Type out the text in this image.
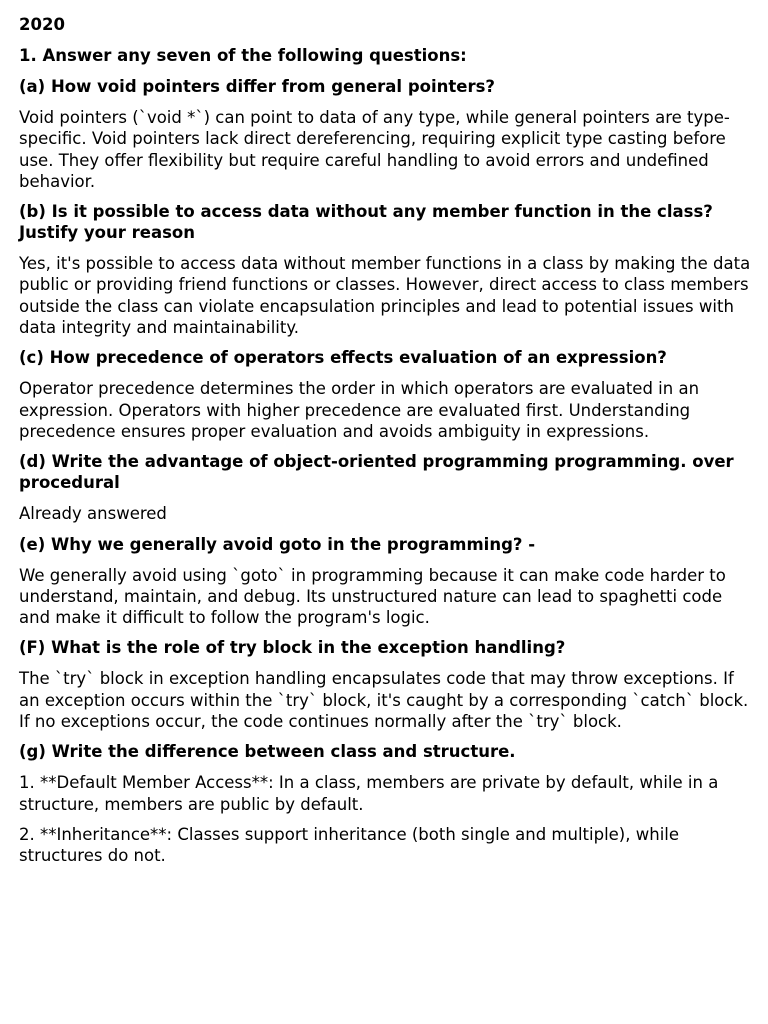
2020
1. Answer any seven of the following questions:
(a) How void pointers differ from general pointers?
Void pointers (`void *`) can point to data of any type, while general pointers are type-specific. Void pointers lack direct dereferencing, requiring explicit type casting before use. They offer flexibility but require careful handling to avoid errors and undefined behavior.
(b) Is it possible to access data without any member function in the class? Justify your reason
Yes, it's possible to access data without member functions in a class by making the data public or providing friend functions or classes. However, direct access to class members outside the class can violate encapsulation principles and lead to potential issues with data integrity and maintainability.
(c) How precedence of operators effects evaluation of an expression?
Operator precedence determines the order in which operators are evaluated in an expression. Operators with higher precedence are evaluated first. Understanding precedence ensures proper evaluation and avoids ambiguity in expressions.
(d) Write the advantage of object-oriented programming programming. over procedural
Already answered
(e) Why we generally avoid goto in the programming? -
We generally avoid using `goto` in programming because it can make code harder to understand, maintain, and debug. Its unstructured nature can lead to spaghetti code and make it difficult to follow the program's logic.
(F) What is the role of try block in the exception handling?
The `try` block in exception handling encapsulates code that may throw exceptions. If an exception occurs within the `try` block, it's caught by a corresponding `catch` block. If no exceptions occur, the code continues normally after the `try` block.
(g) Write the difference between class and structure.
1. **Default Member Access**: In a class, members are private by default, while in a structure, members are public by default.
2. **Inheritance**: Classes support inheritance (both single and multiple), while structures do not.
